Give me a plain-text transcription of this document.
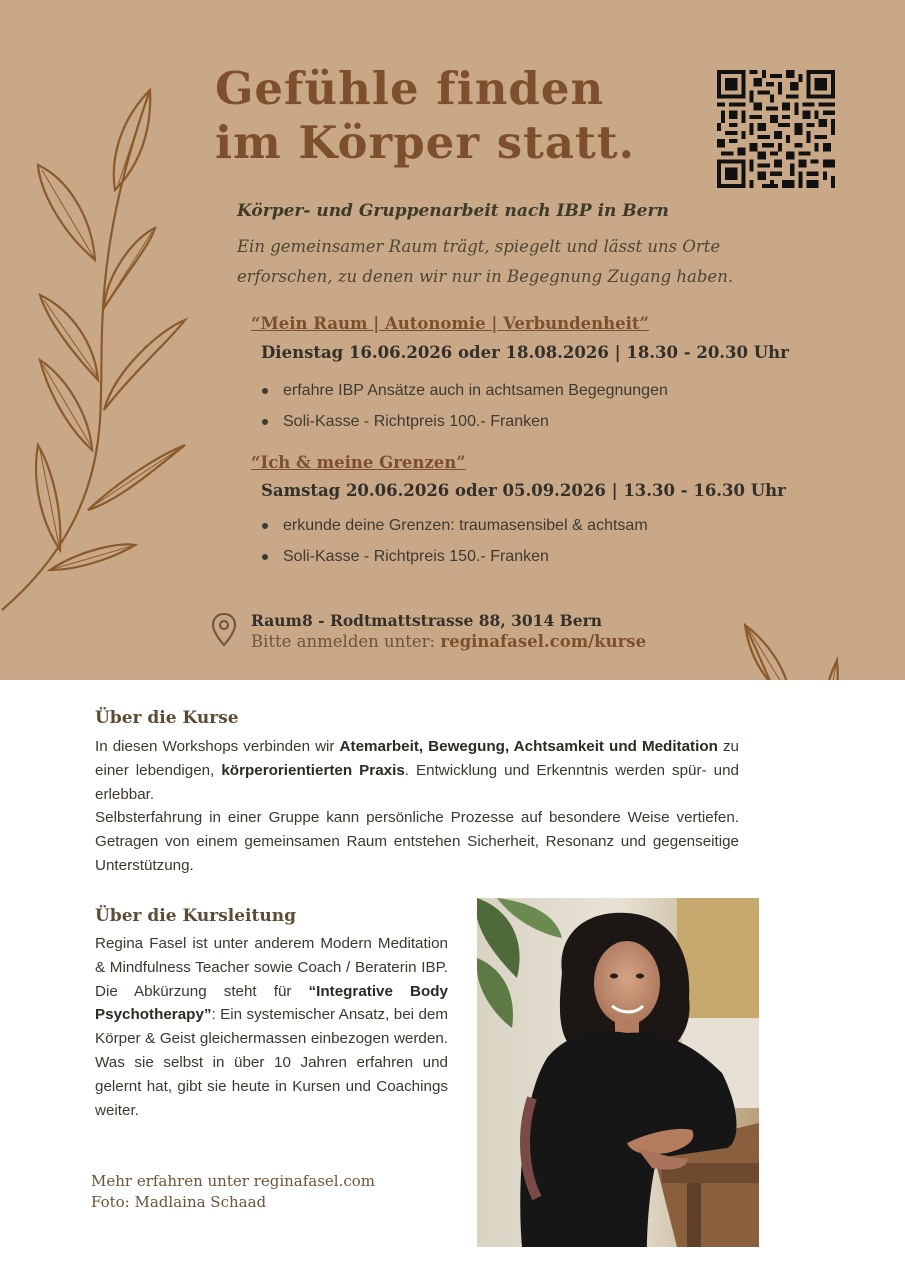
Gefühle finden
im Körper statt.
Körper- und Gruppenarbeit nach IBP in Bern
Ein gemeinsamer Raum trägt, spiegelt und lässt uns Orte
erforschen, zu denen wir nur in Begegnung Zugang haben.
“Mein Raum | Autonomie | Verbundenheit”
Dienstag 16.06.2026 oder 18.08.2026 | 18.30 - 20.30 Uhr
erfahre IBP Ansätze auch in achtsamen Begegnungen
Soli-Kasse - Richtpreis 100.- Franken
“Ich & meine Grenzen”
Samstag 20.06.2026 oder 05.09.2026 | 13.30 - 16.30 Uhr
erkunde deine Grenzen: traumasensibel & achtsam
Soli-Kasse - Richtpreis 150.- Franken
Raum8 - Rodtmattstrasse 88, 3014 Bern
Bitte anmelden unter: reginafasel.com/kurse
Über die Kurse
In diesen Workshops verbinden wir Atemarbeit, Bewegung, Achtsamkeit und Meditation zu einer lebendigen, körperorientierten Praxis. Entwicklung und Erkenntnis werden spür- und erlebbar.
Selbsterfahrung in einer Gruppe kann persönliche Prozesse auf besondere Weise vertiefen. Getragen von einem gemeinsamen Raum entstehen Sicherheit, Resonanz und gegenseitige Unterstützung.
Über die Kursleitung
Regina Fasel ist unter anderem Modern Meditation & Mindfulness Teacher sowie Coach / Beraterin IBP. Die Abkürzung steht für “Integrative Body Psychotherapy”: Ein systemischer Ansatz, bei dem Körper & Geist gleichermassen einbezogen werden. Was sie selbst in über 10 Jahren erfahren und gelernt hat, gibt sie heute in Kursen und Coachings weiter.
Mehr erfahren unter reginafasel.com
Foto: Madlaina Schaad
